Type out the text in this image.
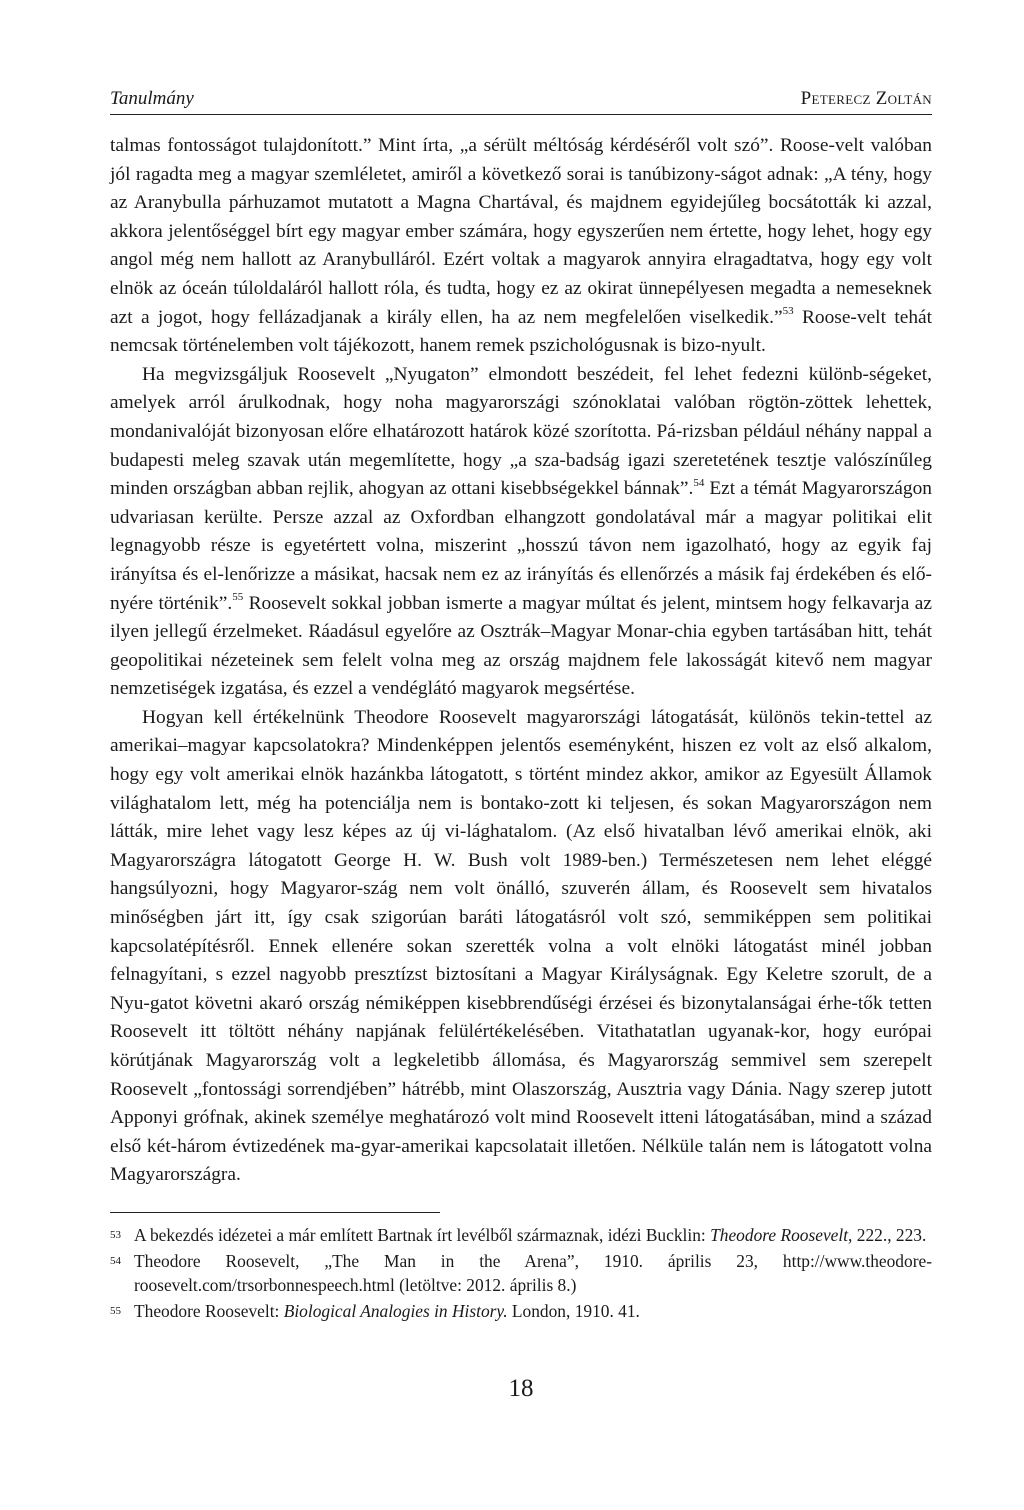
Tanulmány	Peterecz Zoltán

talmas fontosságot tulajdonított.” Mint írta, „a sérült méltóság kérdéséről volt szó”. Roose-velt valóban jól ragadta meg a magyar szemléletet, amiről a következő sorai is tanúbizony-ságot adnak: „A tény, hogy az Aranybulla párhuzamot mutatott a Magna Chartával, és majdnem egyidejűleg bocsátották ki azzal, akkora jelentőséggel bírt egy magyar ember számára, hogy egyszerűen nem értette, hogy lehet, hogy egy angol még nem hallott az Aranybulláról. Ezért voltak a magyarok annyira elragadtatva, hogy egy volt elnök az óceán túloldaláról hallott róla, és tudta, hogy ez az okirat ünnepélyesen megadta a nemeseknek azt a jogot, hogy fellázadjanak a király ellen, ha az nem megfelelően viselkedik.”$^{53}$ Roose-velt tehát nemcsak történelemben volt tájékozott, hanem remek pszichológusnak is bizo-nyult.

Ha megvizsgáljuk Roosevelt „Nyugaton” elmondott beszédeit, fel lehet fedezni különb-ségeket, amelyek arról árulkodnak, hogy noha magyarországi szónoklatai valóban rögtön-zöttek lehettek, mondanivalóját bizonyosan előre elhatározott határok közé szorította. Pá-rizsban például néhány nappal a budapesti meleg szavak után megemlítette, hogy „a sza-badság igazi szeretetének tesztje valószínűleg minden országban abban rejlik, ahogyan az ottani kisebbségekkel bánnak”.$^{54}$ Ezt a témát Magyarországon udvariasan kerülte. Persze azzal az Oxfordban elhangzott gondolatával már a magyar politikai elit legnagyobb része is egyetértett volna, miszerint „hosszú távon nem igazolható, hogy az egyik faj irányítsa és el-lenőrizze a másikat, hacsak nem ez az irányítás és ellenőrzés a másik faj érdekében és elő-nyére történik”.$^{55}$ Roosevelt sokkal jobban ismerte a magyar múltat és jelent, mintsem hogy felkavarja az ilyen jellegű érzelmeket. Ráadásul egyelőre az Osztrák–Magyar Monar-chia egyben tartásában hitt, tehát geopolitikai nézeteinek sem felelt volna meg az ország majdnem fele lakosságát kitevő nem magyar nemzetiségek izgatása, és ezzel a vendéglátó magyarok megsértése.

Hogyan kell értékelnünk Theodore Roosevelt magyarországi látogatását, különös tekin-tettel az amerikai–magyar kapcsolatokra? Mindenképpen jelentős eseményként, hiszen ez volt az első alkalom, hogy egy volt amerikai elnök hazánkba látogatott, s történt mindez akkor, amikor az Egyesült Államok világhatalom lett, még ha potenciálja nem is bontako-zott ki teljesen, és sokan Magyarországon nem látták, mire lehet vagy lesz képes az új vi-lághatalom. (Az első hivatalban lévő amerikai elnök, aki Magyarországra látogatott George H. W. Bush volt 1989-ben.) Természetesen nem lehet eléggé hangsúlyozni, hogy Magyaror-szág nem volt önálló, szuverén állam, és Roosevelt sem hivatalos minőségben járt itt, így csak szigorúan baráti látogatásról volt szó, semmiképpen sem politikai kapcsolatépítésről. Ennek ellenére sokan szerették volna a volt elnöki látogatást minél jobban felnagyítani, s ezzel nagyobb presztízst biztosítani a Magyar Királyságnak. Egy Keletre szorult, de a Nyu-gatot követni akaró ország némiképpen kisebbrendűségi érzései és bizonytalanságai érhe-tők tetten Roosevelt itt töltött néhány napjának felülértékelésében. Vitathatatlan ugyanak-kor, hogy európai körútjának Magyarország volt a legkeletibb állomása, és Magyarország semmivel sem szerepelt Roosevelt „fontossági sorrendjében” hátrébb, mint Olaszország, Ausztria vagy Dánia. Nagy szerep jutott Apponyi grófnak, akinek személye meghatározó volt mind Roosevelt itteni látogatásában, mind a század első két-három évtizedének ma-gyar-amerikai kapcsolatait illetően. Nélküle talán nem is látogatott volna Magyarországra.

53 A bekezdés idézetei a már említett Bartnak írt levélből származnak, idézi Bucklin: Theodore Roosevelt, 222., 223.
54 Theodore Roosevelt, „The Man in the Arena”, 1910. április 23, http://www.theodore-roosevelt.com/trsorbonnespeech.html (letöltve: 2012. április 8.)
55 Theodore Roosevelt: Biological Analogies in History. London, 1910. 41.
18
